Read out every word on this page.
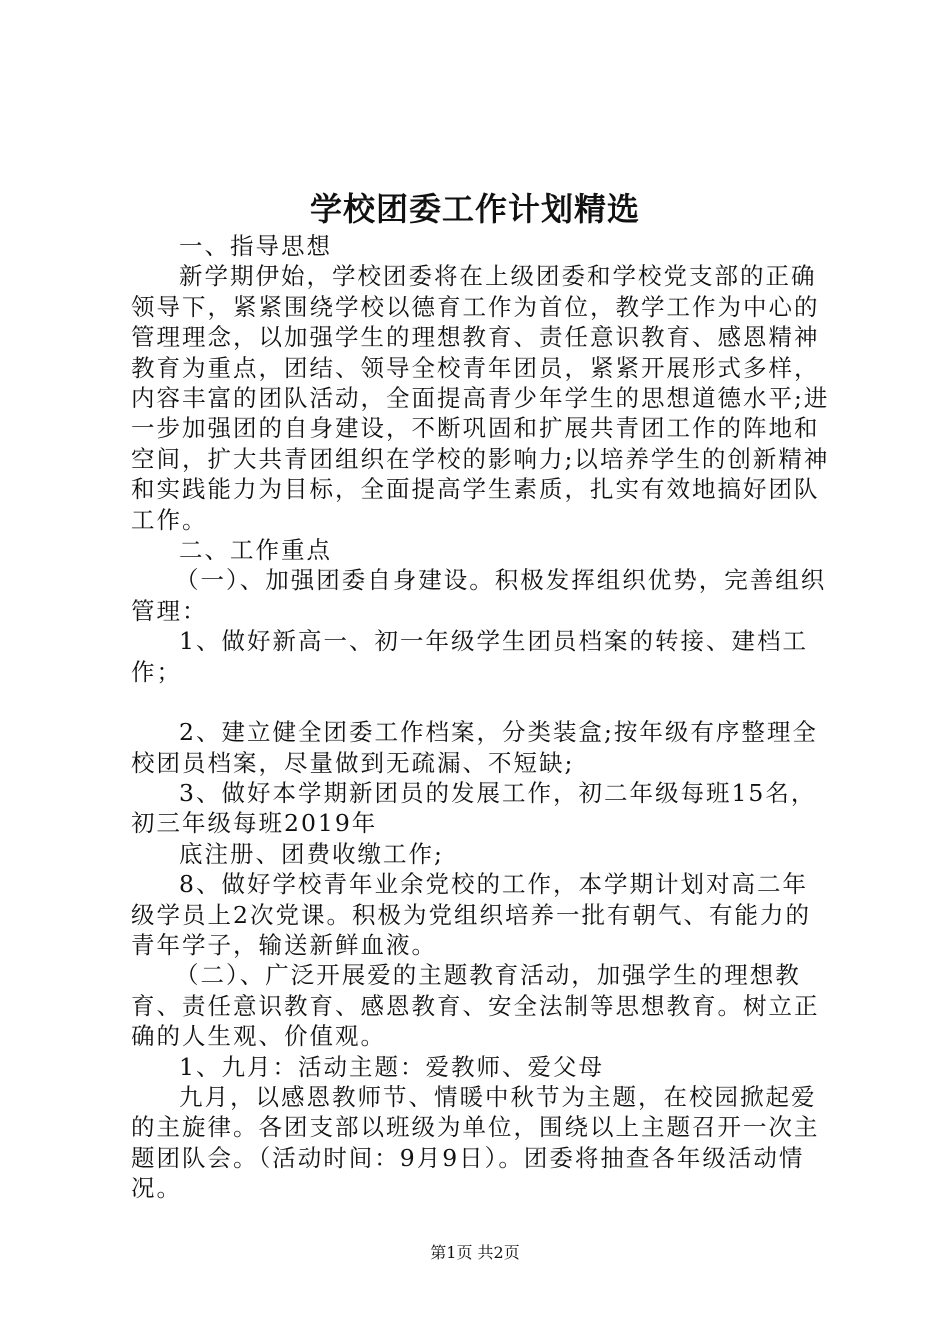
学校团委工作计划精选

一、指导思想

新学期伊始，学校团委将在上级团委和学校党支部的正确领导下，紧紧围绕学校以德育工作为首位，教学工作为中心的管理理念，以加强学生的理想教育、责任意识教育、感恩精神教育为重点，团结、领导全校青年团员，紧紧开展形式多样，内容丰富的团队活动，全面提高青少年学生的思想道德水平;进一步加强团的自身建设，不断巩固和扩展共青团工作的阵地和空间，扩大共青团组织在学校的影响力;以培养学生的创新精神和实践能力为目标，全面提高学生素质，扎实有效地搞好团队工作。

二、工作重点

（一）、加强团委自身建设。积极发挥组织优势，完善组织管理：

1、做好新高一、初一年级学生团员档案的转接、建档工作；

2、建立健全团委工作档案，分类装盒;按年级有序整理全校团员档案，尽量做到无疏漏、不短缺;

3、做好本学期新团员的发展工作，初二年级每班15名，初三年级每班2019年

底注册、团费收缴工作;

8、做好学校青年业余党校的工作，本学期计划对高二年级学员上2次党课。积极为党组织培养一批有朝气、有能力的青年学子，输送新鲜血液。

（二）、广泛开展爱的主题教育活动，加强学生的理想教育、责任意识教育、感恩教育、安全法制等思想教育。树立正确的人生观、价值观。

1、九月：活动主题：爱教师、爱父母

九月，以感恩教师节、情暖中秋节为主题，在校园掀起爱的主旋律。各团支部以班级为单位，围绕以上主题召开一次主题团队会。（活动时间：9月9日）。团委将抽查各年级活动情况。

第1页 共2页
